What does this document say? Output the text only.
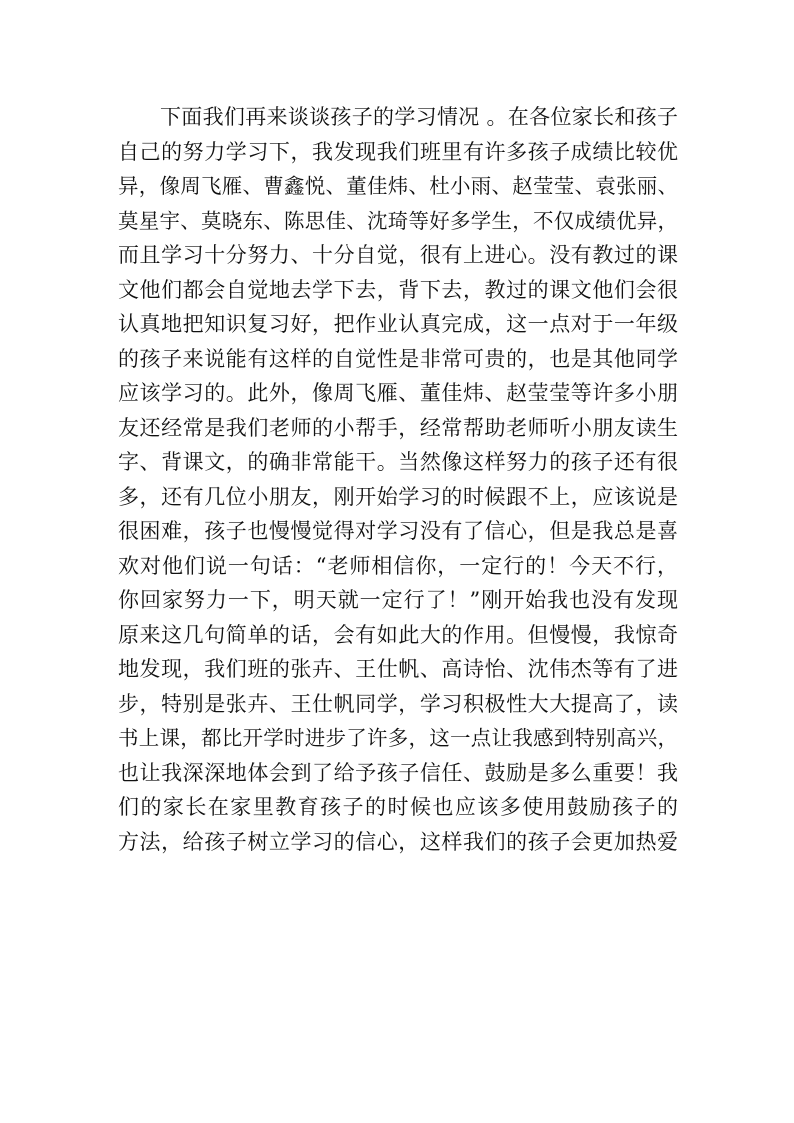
下面我们再来谈谈孩子的学习情况 。在各位家长和孩子
自己的努力学习下，我发现我们班里有许多孩子成绩比较优
异，像周飞雁、曹鑫悦、董佳炜、杜小雨、赵莹莹、袁张丽、
莫星宇、莫晓东、陈思佳、沈琦等好多学生，不仅成绩优异，
而且学习十分努力、十分自觉，很有上进心。没有教过的课
文他们都会自觉地去学下去，背下去，教过的课文他们会很
认真地把知识复习好，把作业认真完成，这一点对于一年级
的孩子来说能有这样的自觉性是非常可贵的，也是其他同学
应该学习的。此外，像周飞雁、董佳炜、赵莹莹等许多小朋
友还经常是我们老师的小帮手，经常帮助老师听小朋友读生
字、背课文，的确非常能干。当然像这样努力的孩子还有很
多，还有几位小朋友，刚开始学习的时候跟不上，应该说是
很困难，孩子也慢慢觉得对学习没有了信心，但是我总是喜
欢对他们说一句话：“老师相信你，一定行的！今天不行，
你回家努力一下，明天就一定行了！”刚开始我也没有发现
原来这几句简单的话，会有如此大的作用。但慢慢，我惊奇
地发现，我们班的张卉、王仕帆、高诗怡、沈伟杰等有了进
步，特别是张卉、王仕帆同学，学习积极性大大提高了，读
书上课，都比开学时进步了许多，这一点让我感到特别高兴，
也让我深深地体会到了给予孩子信任、鼓励是多么重要！我
们的家长在家里教育孩子的时候也应该多使用鼓励孩子的
方法，给孩子树立学习的信心，这样我们的孩子会更加热爱
